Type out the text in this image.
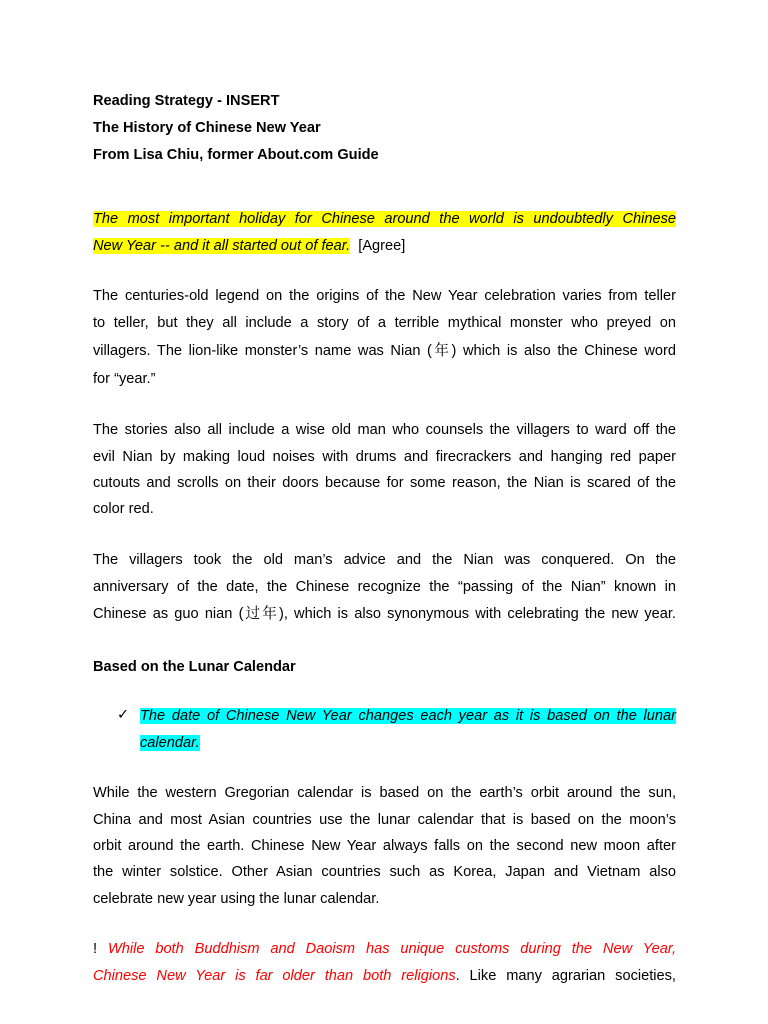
Reading Strategy - INSERT
The History of Chinese New Year
From Lisa Chiu, former About.com Guide
The most important holiday for Chinese around the world is undoubtedly Chinese
New Year -- and it all started out of fear. [Agree]
The centuries-old legend on the origins of the New Year celebration varies from teller
to teller, but they all include a story of a terrible mythical monster who preyed on
villagers. The lion-like monster’s name was Nian (年) which is also the Chinese word
for “year.”
The stories also all include a wise old man who counsels the villagers to ward off the
evil Nian by making loud noises with drums and firecrackers and hanging red paper
cutouts and scrolls on their doors because for some reason, the Nian is scared of the
color red.
The villagers took the old man’s advice and the Nian was conquered. On the
anniversary of the date, the Chinese recognize the “passing of the Nian” known in
Chinese as guo nian (过年), which is also synonymous with celebrating the new year.
Based on the Lunar Calendar
✓ The date of Chinese New Year changes each year as it is based on the lunar
calendar.
While the western Gregorian calendar is based on the earth’s orbit around the sun,
China and most Asian countries use the lunar calendar that is based on the moon’s
orbit around the earth. Chinese New Year always falls on the second new moon after
the winter solstice. Other Asian countries such as Korea, Japan and Vietnam also
celebrate new year using the lunar calendar.
! While both Buddhism and Daoism has unique customs during the New Year,
Chinese New Year is far older than both religions. Like many agrarian societies,
